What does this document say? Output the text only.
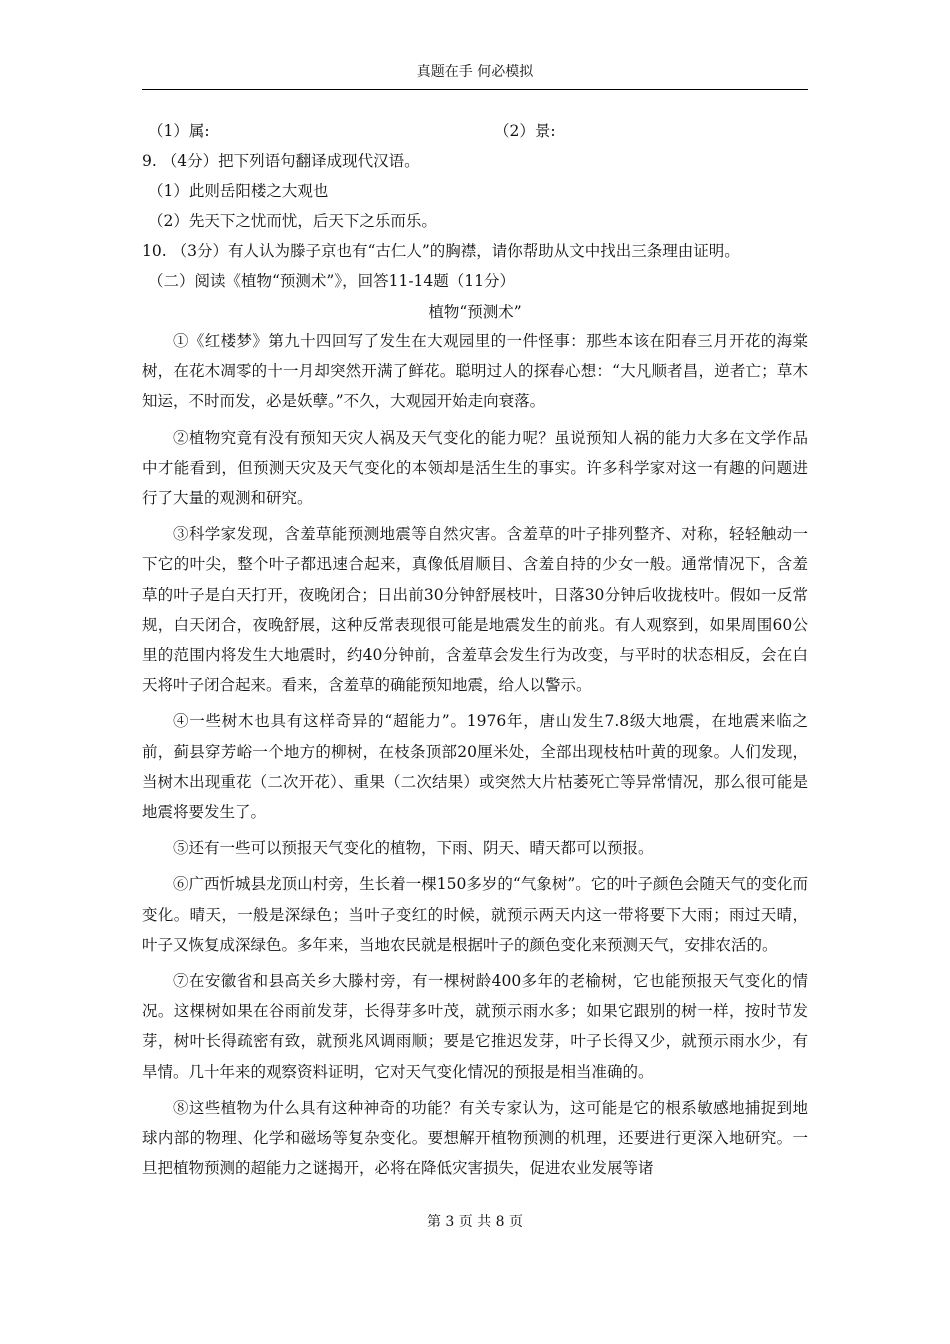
真题在手 何必模拟
（1）属:	（2）景:
9. （4分）把下列语句翻译成现代汉语。
（1）此则岳阳楼之大观也
（2）先天下之忧而忧，后天下之乐而乐。
10. （3分）有人认为滕子京也有“古仁人”的胸襟，请你帮助从文中找出三条理由证明。
（二）阅读《植物“预测术”》，回答11-14题（11分）
植物“预测术”

①《红楼梦》第九十四回写了发生在大观园里的一件怪事：那些本该在阳春三月开花的海棠树，在花木凋零的十一月却突然开满了鲜花。聪明过人的探春心想：“大凡顺者昌，逆者亡；草木知运，不时而发，必是妖孽。”不久，大观园开始走向衰落。

②植物究竟有没有预知天灾人祸及天气变化的能力呢？虽说预知人祸的能力大多在文学作品中才能看到，但预测天灾及天气变化的本领却是活生生的事实。许多科学家对这一有趣的问题进行了大量的观测和研究。

③科学家发现，含羞草能预测地震等自然灾害。含羞草的叶子排列整齐、对称，轻轻触动一下它的叶尖，整个叶子都迅速合起来，真像低眉顺目、含羞自持的少女一般。通常情况下，含羞草的叶子是白天打开，夜晚闭合；日出前30分钟舒展枝叶，日落30分钟后收拢枝叶。假如一反常规，白天闭合，夜晚舒展，这种反常表现很可能是地震发生的前兆。有人观察到，如果周围60公里的范围内将发生大地震时，约40分钟前，含羞草会发生行为改变，与平时的状态相反，会在白天将叶子闭合起来。看来，含羞草的确能预知地震，给人以警示。

④一些树木也具有这样奇异的“超能力”。1976年，唐山发生7.8级大地震，在地震来临之前，蓟县穿芳峪一个地方的柳树，在枝条顶部20厘米处，全部出现枝枯叶黄的现象。人们发现，当树木出现重花（二次开花）、重果（二次结果）或突然大片枯萎死亡等异常情况，那么很可能是地震将要发生了。

⑤还有一些可以预报天气变化的植物，下雨、阴天、晴天都可以预报。

⑥广西忻城县龙顶山村旁，生长着一棵150多岁的“气象树”。它的叶子颜色会随天气的变化而变化。晴天，一般是深绿色；当叶子变红的时候，就预示两天内这一带将要下大雨；雨过天晴，叶子又恢复成深绿色。多年来，当地农民就是根据叶子的颜色变化来预测天气，安排农活的。

⑦在安徽省和县高关乡大滕村旁，有一棵树龄400多年的老榆树，它也能预报天气变化的情况。这棵树如果在谷雨前发芽，长得芽多叶茂，就预示雨水多；如果它跟别的树一样，按时节发芽，树叶长得疏密有致，就预兆风调雨顺；要是它推迟发芽，叶子长得又少，就预示雨水少，有旱情。几十年来的观察资料证明，它对天气变化情况的预报是相当准确的。

⑧这些植物为什么具有这种神奇的功能？有关专家认为，这可能是它的根系敏感地捕捉到地球内部的物理、化学和磁场等复杂变化。要想解开植物预测的机理，还要进行更深入地研究。一旦把植物预测的超能力之谜揭开，必将在降低灾害损失，促进农业发展等诸

第 3 页 共 8 页
